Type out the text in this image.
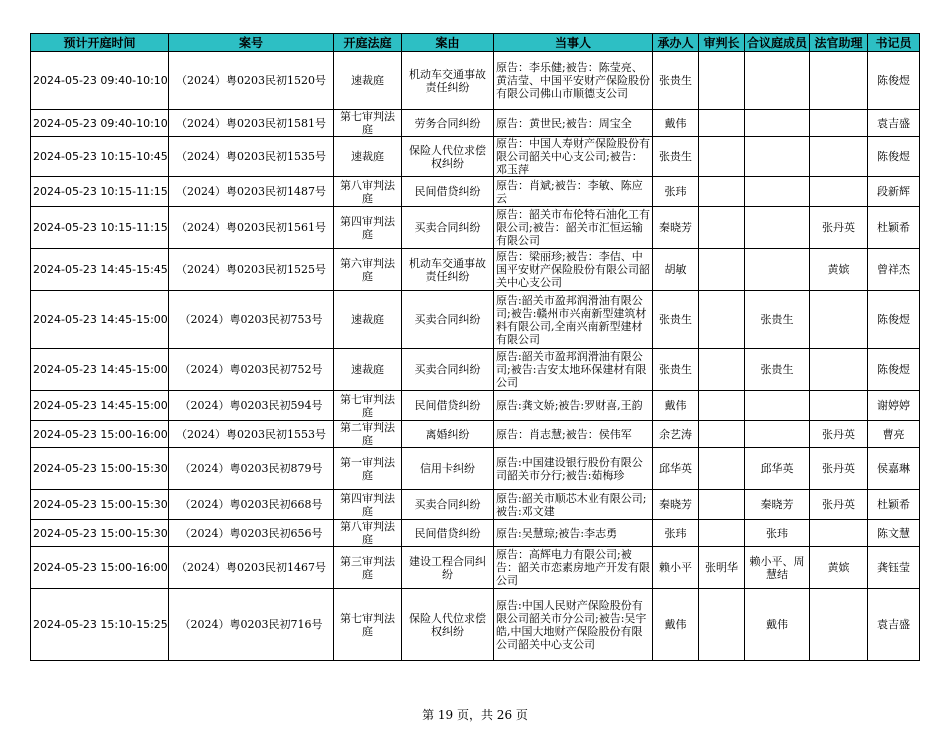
预计开庭时间	案号	开庭法庭	案由	当事人	承办人	审判长	合议庭成员	法官助理	书记员
2024-05-23 09:40-10:10	（2024）粤0203民初1520号	速裁庭	机动车交通事故责任纠纷	原告：李乐健;被告：陈莹亮、黄洁莹、中国平安财产保险股份有限公司佛山市顺德支公司	张贵生				陈俊煜
2024-05-23 09:40-10:10	（2024）粤0203民初1581号	第七审判法庭	劳务合同纠纷	原告：黄世民;被告：周宝全	戴伟				袁吉盛
2024-05-23 10:15-10:45	（2024）粤0203民初1535号	速裁庭	保险人代位求偿权纠纷	原告：中国人寿财产保险股份有限公司韶关中心支公司;被告：邓玉萍	张贵生				陈俊煜
2024-05-23 10:15-11:15	（2024）粤0203民初1487号	第八审判法庭	民间借贷纠纷	原告：肖斌;被告：李敏、陈应云	张玮				段新辉
2024-05-23 10:15-11:15	（2024）粤0203民初1561号	第四审判法庭	买卖合同纠纷	原告：韶关市布伦特石油化工有限公司;被告：韶关市汇恒运输有限公司	秦晓芳			张丹英	杜颖希
2024-05-23 14:45-15:45	（2024）粤0203民初1525号	第六审判法庭	机动车交通事故责任纠纷	原告：梁丽珍;被告：李佶、中国平安财产保险股份有限公司韶关中心支公司	胡敏			黄嫔	曾祥杰
2024-05-23 14:45-15:00	（2024）粤0203民初753号	速裁庭	买卖合同纠纷	原告:韶关市盈邦润滑油有限公司;被告:赣州市兴南新型建筑材料有限公司,全南兴南新型建材有限公司	张贵生		张贵生		陈俊煜
2024-05-23 14:45-15:00	（2024）粤0203民初752号	速裁庭	买卖合同纠纷	原告:韶关市盈邦润滑油有限公司;被告:吉安太地环保建材有限公司	张贵生		张贵生		陈俊煜
2024-05-23 14:45-15:00	（2024）粤0203民初594号	第七审判法庭	民间借贷纠纷	原告:龚文娇;被告:罗财喜,王韵	戴伟				谢婷婷
2024-05-23 15:00-16:00	（2024）粤0203民初1553号	第二审判法庭	离婚纠纷	原告：肖志慧;被告：侯伟军	余艺涛			张丹英	曹亮
2024-05-23 15:00-15:30	（2024）粤0203民初879号	第一审判法庭	信用卡纠纷	原告:中国建设银行股份有限公司韶关市分行;被告:茹梅珍	邱华英		邱华英	张丹英	侯嘉琳
2024-05-23 15:00-15:30	（2024）粤0203民初668号	第四审判法庭	买卖合同纠纷	原告:韶关市顺芯木业有限公司;被告:邓文建	秦晓芳		秦晓芳	张丹英	杜颖希
2024-05-23 15:00-15:30	（2024）粤0203民初656号	第八审判法庭	民间借贷纠纷	原告:吴慧琼;被告:李志勇	张玮		张玮		陈文慧
2024-05-23 15:00-16:00	（2024）粤0203民初1467号	第三审判法庭	建设工程合同纠纷	原告：高辉电力有限公司;被告：韶关市恋素房地产开发有限公司	赖小平	张明华	赖小平、周慧结	黄嫔	龚钰莹
2024-05-23 15:10-15:25	（2024）粤0203民初716号	第七审判法庭	保险人代位求偿权纠纷	原告:中国人民财产保险股份有限公司韶关市分公司;被告:吴宇皓,中国大地财产保险股份有限公司韶关中心支公司	戴伟		戴伟		袁吉盛
第 19 页，共 26 页
